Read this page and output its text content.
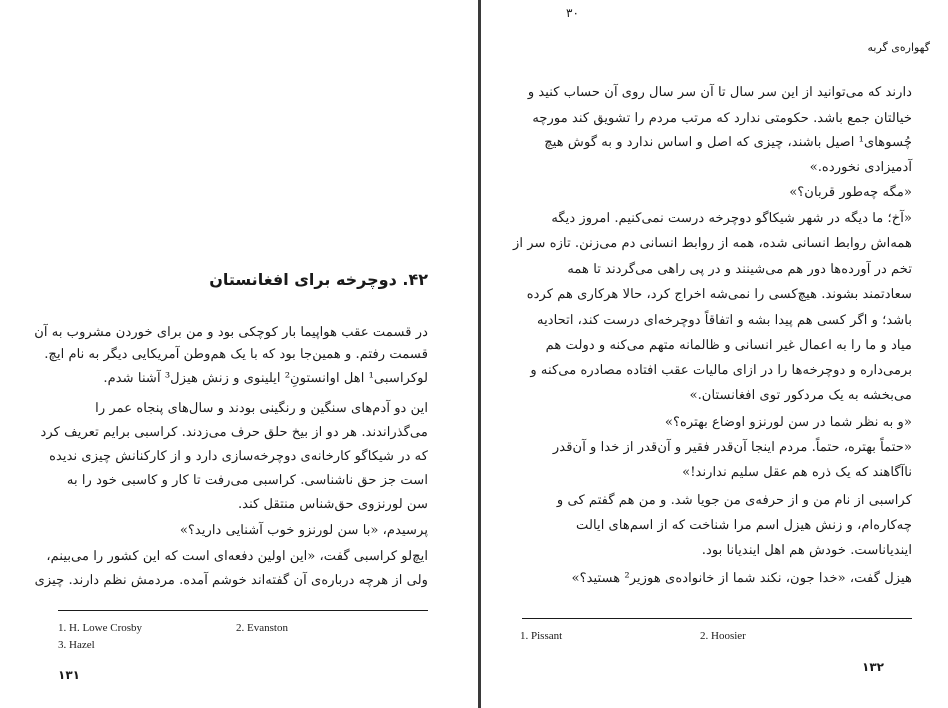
۴۲. دوچرخه برای افغانستان
در قسمت عقب هواپیما بار کوچکی بود و من برای خوردن مشروب به آن
قسمت رفتم. و همین‌جا بود که با یک هم‌وطن آمریکایی دیگر به نام ایچ.
لوکراسبی¹ اهل اوانستونِ² ایلینوی و زنش هیزل³ آشنا شدم.
این دو آدم‌های سنگین و رنگینی بودند و سال‌های پنجاه عمر را
می‌گذراندند. هر دو از بیخ حلق حرف می‌زدند. کراسبی برایم تعریف کرد
که در شیکاگو کارخانه‌ی دوچرخه‌سازی دارد و از کارکنانش چیزی ندیده
است جز حق ناشناسی. کراسبی می‌رفت تا کار و کاسبی خود را به
سن لورنزوی حق‌شناس منتقل کند.
پرسیدم، «با سن لورنزو خوب آشنایی دارید؟»
ایچ‌لو کراسبی گفت، «این اولین دفعه‌ای است که این کشور را می‌بینم،
ولی از هرچه درباره‌ی آن گفته‌اند خوشم آمده. مردمش نظم دارند. چیزی
1. H. Lowe Crosby	2. Evanston
3. Hazel
۱۳۱
٣٠
گهواره‌ی گربه
دارند که می‌توانید از این سر سال تا آن سر سال روی آن حساب کنید و
خیالتان جمع باشد. حکومتی ندارد که مرتب مردم را تشویق کند مورچه
چُسوهای¹ اصیل باشند، چیزی که اصل و اساس ندارد و به گوش هیچ
آدمیزادی نخورده.»
«مگه چه‌طور قربان؟»
«آخ؛ ما دیگه در شهر شیکاگو دوچرخه درست نمی‌کنیم. امروز دیگه
همه‌اش روابط انسانی شده، همه از روابط انسانی دم می‌زنن. تازه سر از
تخم در آورده‌ها دور هم می‌شینند و در پی راهی می‌گردند تا همه
سعادتمند بشوند. هیچ‌کسی را نمی‌شه اخراج کرد، حالا هرکاری هم کرده
باشد؛ و اگر کسی هم پیدا بشه و اتفاقاً دوچرخه‌ای درست کند، اتحادیه
میاد و ما را به اعمال غیر انسانی و ظالمانه متهم می‌کنه و دولت هم
برمی‌داره و دوچرخه‌ها را در ازای مالیات عقب افتاده مصادره می‌کنه و
می‌بخشه به یک مردکور توی افغانستان.»
«و به نظر شما در سن لورنزو اوضاع بهتره؟»
«حتماً بهتره، حتماً. مردم اینجا آن‌قدر فقیر و آن‌قدر از خدا و آن‌قدر
ناآگاهند که یک ذره هم عقل سلیم ندارند!»
کراسبی از نام من و از حرفه‌ی من جویا شد. و من هم گفتم کی و
چه‌کاره‌ام، و زنش هیزل اسم مرا شناخت که از اسم‌های ایالت
ایندیاناست. خودش هم اهل ایندیانا بود.
هیزل گفت، «خدا جون، نکند شما از خانواده‌ی هوزیر² هستید؟»
1. Pissant	2. Hoosier
۱۳۲
